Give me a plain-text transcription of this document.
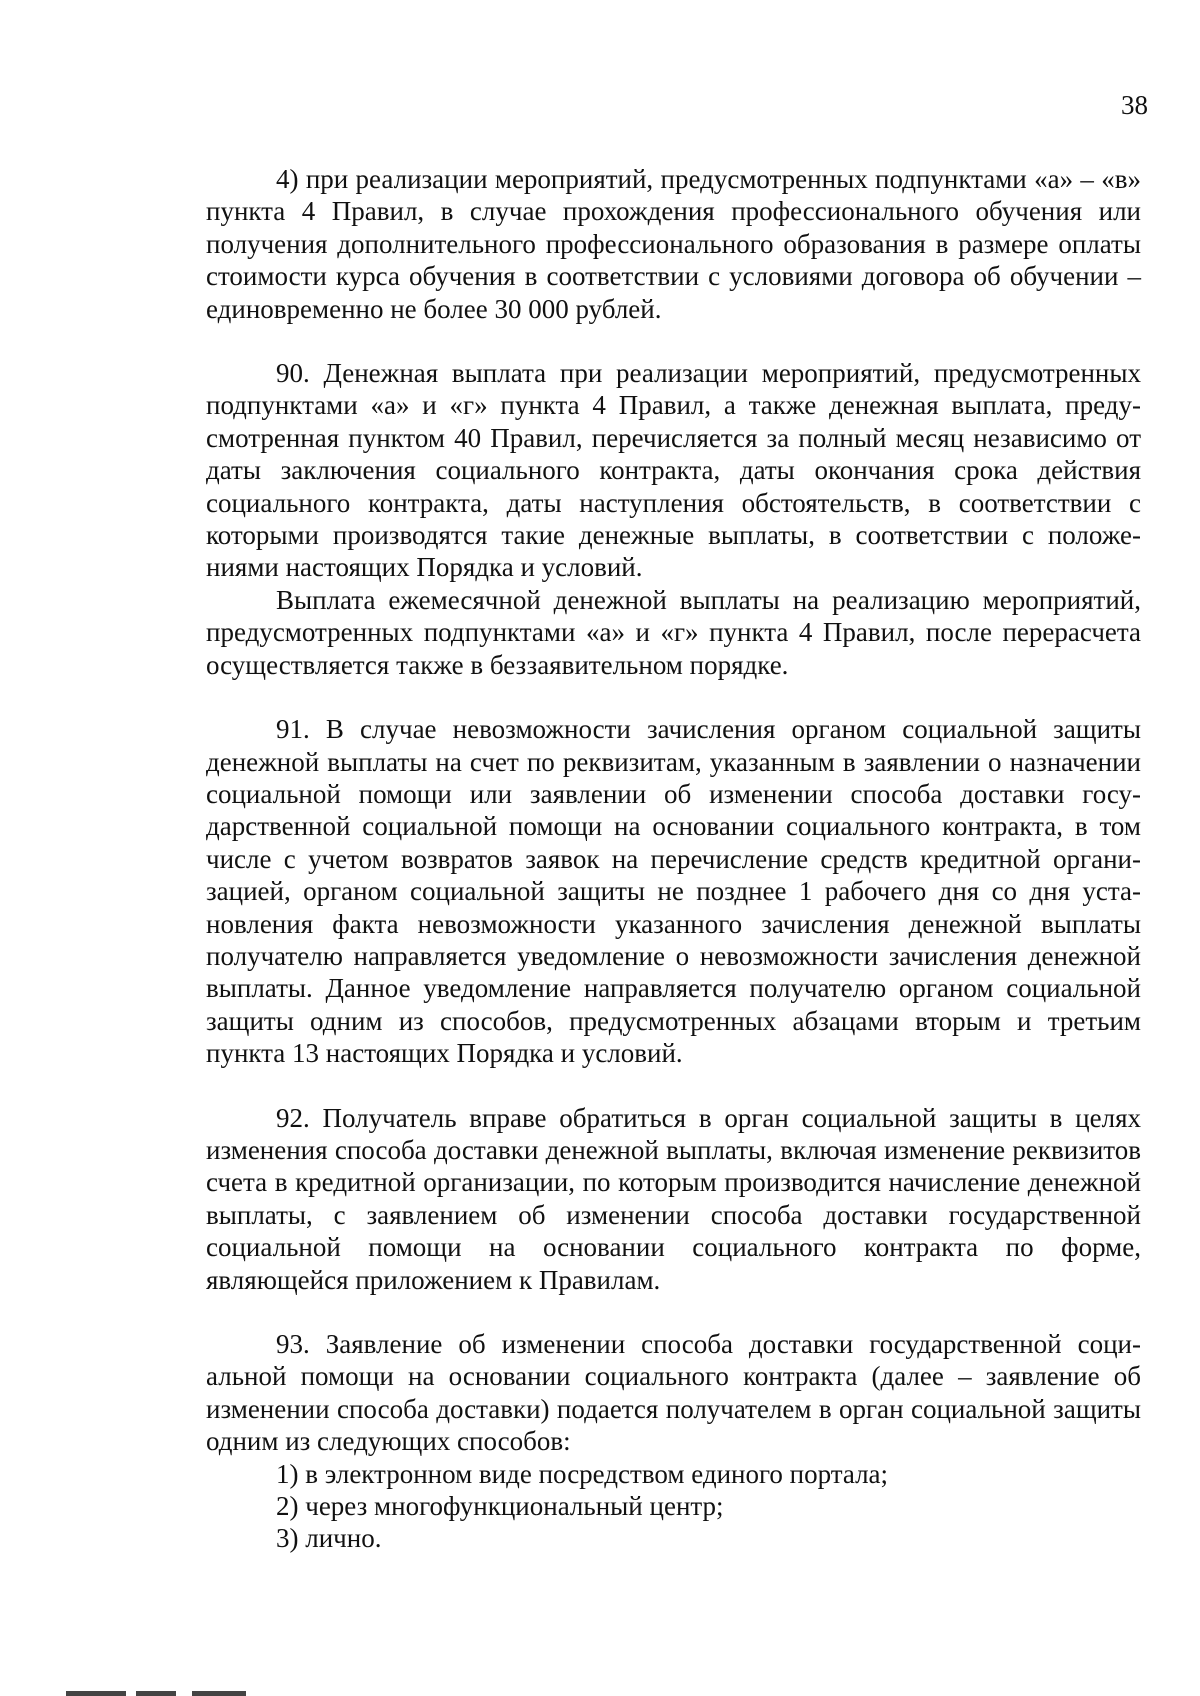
38

4) при реализации мероприятий, предусмотренных подпунктами «а» – «в» пункта 4 Правил, в случае прохождения профессионального обучения или получения дополнительного профессионального образования в размере оплаты стоимости курса обучения в соответствии с условиями договора об обучении – единовременно не более 30 000 рублей.

90. Денежная выплата при реализации мероприятий, предусмотренных подпунктами «а» и «г» пункта 4 Правил, а также денежная выплата, предусмотренная пунктом 40 Правил, перечисляется за полный месяц независимо от даты заключения социального контракта, даты окончания срока действия социального контракта, даты наступления обстоятельств, в соответствии с которыми производятся такие денежные выплаты, в соответствии с положениями настоящих Порядка и условий.

Выплата ежемесячной денежной выплаты на реализацию мероприятий, предусмотренных подпунктами «а» и «г» пункта 4 Правил, после перерасчета осуществляется также в беззаявительном порядке.

91. В случае невозможности зачисления органом социальной защиты денежной выплаты на счет по реквизитам, указанным в заявлении о назначении социальной помощи или заявлении об изменении способа доставки государственной социальной помощи на основании социального контракта, в том числе с учетом возвратов заявок на перечисление средств кредитной организацией, органом социальной защиты не позднее 1 рабочего дня со дня установления факта невозможности указанного зачисления денежной выплаты получателю направляется уведомление о невозможности зачисления денежной выплаты. Данное уведомление направляется получателю органом социальной защиты одним из способов, предусмотренных абзацами вторым и третьим пункта 13 настоящих Порядка и условий.

92. Получатель вправе обратиться в орган социальной защиты в целях изменения способа доставки денежной выплаты, включая изменение реквизитов счета в кредитной организации, по которым производится начисление денежной выплаты, с заявлением об изменении способа доставки государственной социальной помощи на основании социального контракта по форме, являющейся приложением к Правилам.

93. Заявление об изменении способа доставки государственной социальной помощи на основании социального контракта (далее – заявление об изменении способа доставки) подается получателем в орган социальной защиты одним из следующих способов:

1) в электронном виде посредством единого портала;

2) через многофункциональный центр;

3) лично.
